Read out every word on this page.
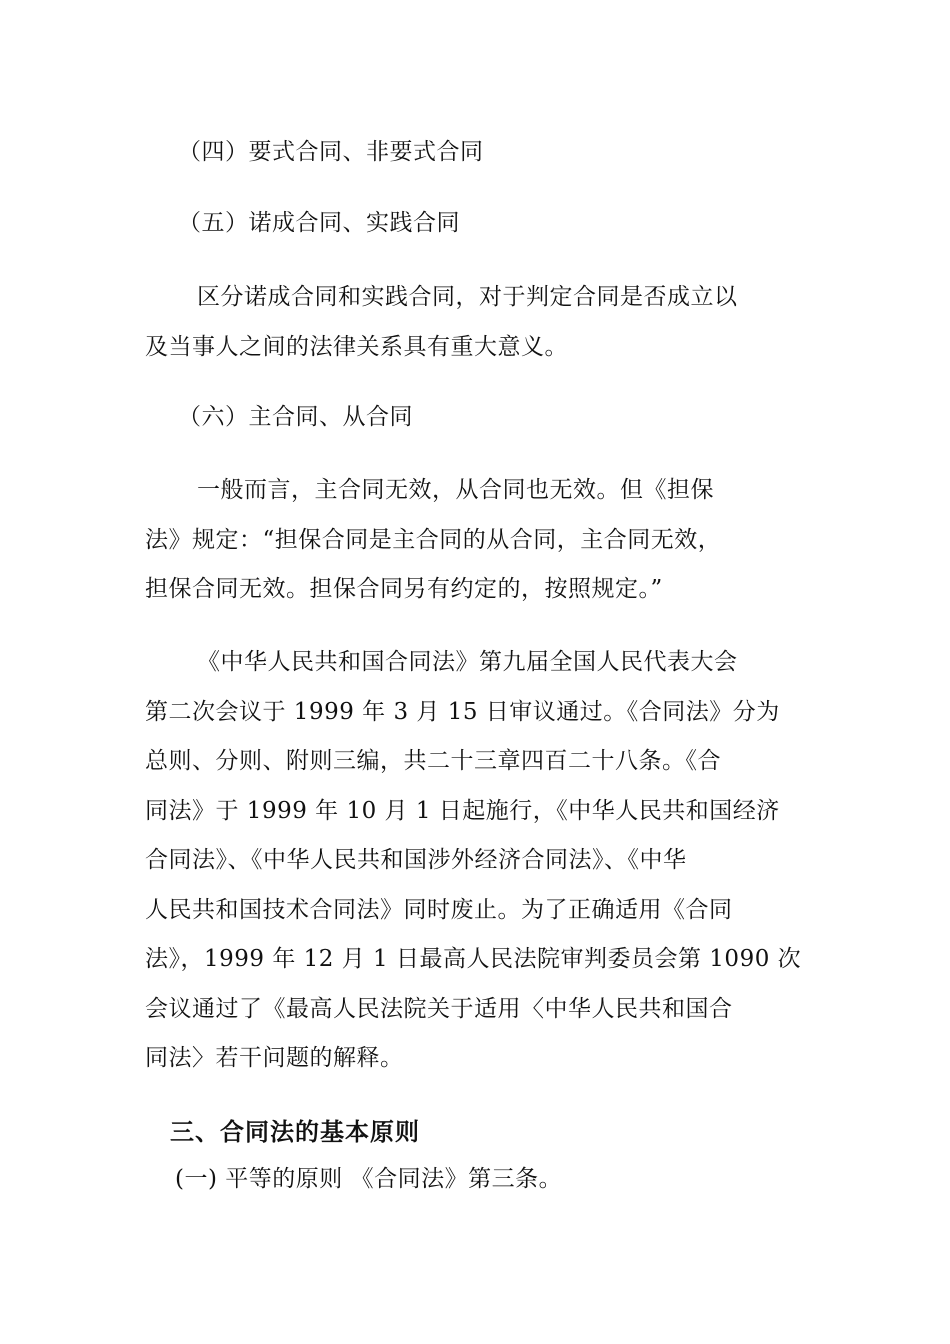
（四）要式合同、非要式合同
（五）诺成合同、实践合同
区分诺成合同和实践合同，对于判定合同是否成立以
及当事人之间的法律关系具有重大意义。
（六）主合同、从合同
一般而言，主合同无效，从合同也无效。但《担保
法》规定：“担保合同是主合同的从合同，主合同无效，
担保合同无效。担保合同另有约定的，按照规定。”
《中华人民共和国合同法》第九届全国人民代表大会
第二次会议于 1999 年 3 月 15 日审议通过。《合同法》分为
总则、分则、附则三编，共二十三章四百二十八条。《合
同法》于 1999 年 10 月 1 日起施行，《中华人民共和国经济
合同法》、《中华人民共和国涉外经济合同法》、《中华
人民共和国技术合同法》同时废止。为了正确适用《合同
法》，1999 年 12 月 1 日最高人民法院审判委员会第 1090 次
会议通过了《最高人民法院关于适用〈中华人民共和国合
同法〉若干问题的解释。
三、合同法的基本原则
(一) 平等的原则 《合同法》第三条。
